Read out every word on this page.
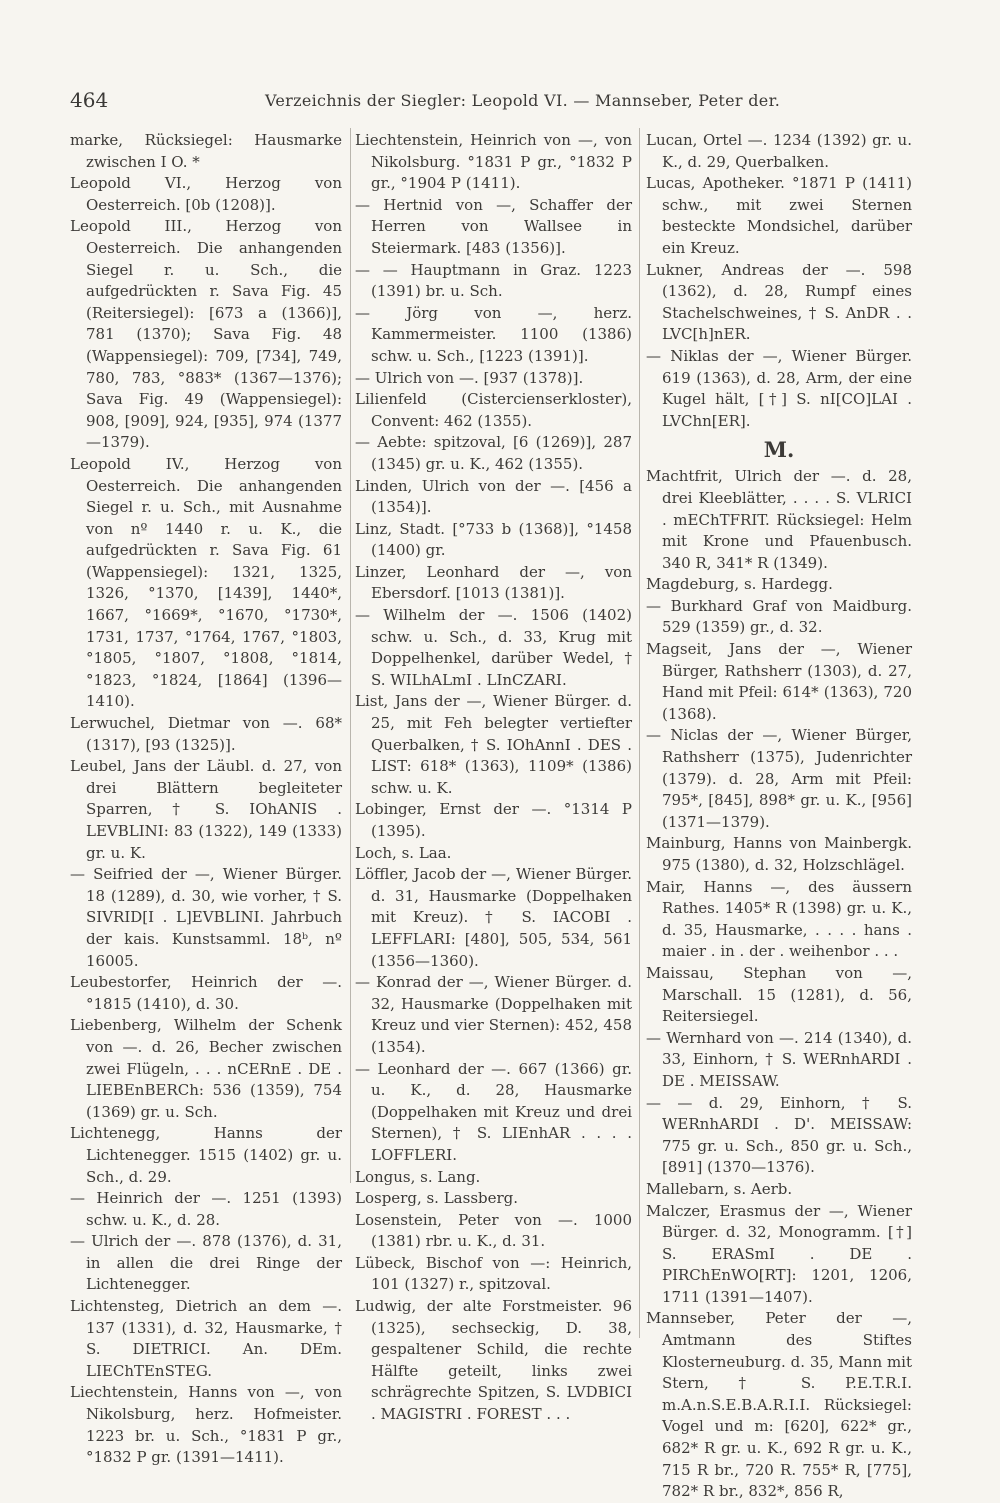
464	Verzeichnis der Siegler: Leopold VI. — Mannseber, Peter der.

marke, Rücksiegel: Hausmarke zwischen I O. *

Leopold VI., Herzog von Oesterreich. [0b (1208)].

Leopold III., Herzog von Oesterreich. Die anhangenden Siegel r. u. Sch., die aufgedrückten r. Sava Fig. 45 (Reitersiegel): [673 a (1366)], 781 (1370); Sava Fig. 48 (Wappensiegel): 709, [734], 749, 780, 783, °883* (1367—1376); Sava Fig. 49 (Wappensiegel): 908, [909], 924, [935], 974 (1377—1379).

Leopold IV., Herzog von Oesterreich. Die anhangenden Siegel r. u. Sch., mit Ausnahme von nº 1440 r. u. K., die aufgedrückten r. Sava Fig. 61 (Wappensiegel): 1321, 1325, 1326, °1370, [1439], 1440*, 1667, °1669*, °1670, °1730*, 1731, 1737, °1764, 1767, °1803, °1805, °1807, °1808, °1814, °1823, °1824, [1864] (1396—1410).

Lerwuchel, Dietmar von —. 68* (1317), [93 (1325)].

Leubel, Jans der Läubl. d. 27, von drei Blättern begleiteter Sparren, † S. IOhANIS . LEVBLINI: 83 (1322), 149 (1333) gr. u. K.

— Seifried der —, Wiener Bürger. 18 (1289), d. 30, wie vorher, † S. SIVRID[I . L]EVBLINI. Jahrbuch der kais. Kunstsamml. 18ᵇ, nº 16005.

Leubestorfer, Heinrich der —. °1815 (1410), d. 30.

Liebenberg, Wilhelm der Schenk von —. d. 26, Becher zwischen zwei Flügeln, . . . nCERnE . DE . LIEBEnBERCh: 536 (1359), 754 (1369) gr. u. Sch.

Lichtenegg, Hanns der Lichtenegger. 1515 (1402) gr. u. Sch., d. 29.

— Heinrich der —. 1251 (1393) schw. u. K., d. 28.

— Ulrich der —. 878 (1376), d. 31, in allen die drei Ringe der Lichtenegger.

Lichtensteg, Dietrich an dem —. 137 (1331), d. 32, Hausmarke, † S. DIETRICI. An. DEm. LIEChTEnSTEG.

Liechtenstein, Hanns von —, von Nikolsburg, herz. Hofmeister. 1223 br. u. Sch., °1831 P gr., °1832 P gr. (1391—1411).

Liechtenstein, Heinrich von —, von Nikolsburg. °1831 P gr., °1832 P gr., °1904 P (1411).

— Hertnid von —, Schaffer der Herren von Wallsee in Steiermark. [483 (1356)].

— — Hauptmann in Graz. 1223 (1391) br. u. Sch.

— Jörg von —, herz. Kammermeister. 1100 (1386) schw. u. Sch., [1223 (1391)].

— Ulrich von —. [937 (1378)].

Lilienfeld (Cistercienserkloster), Convent: 462 (1355).

— Aebte: spitzoval, [6 (1269)], 287 (1345) gr. u. K., 462 (1355).

Linden, Ulrich von der —. [456 a (1354)].

Linz, Stadt. [°733 b (1368)], °1458 (1400) gr.

Linzer, Leonhard der —, von Ebersdorf. [1013 (1381)].

— Wilhelm der —. 1506 (1402) schw. u. Sch., d. 33, Krug mit Doppelhenkel, darüber Wedel, † S. WILhALmI . LInCZARI.

List, Jans der —, Wiener Bürger. d. 25, mit Feh belegter vertiefter Querbalken, † S. IOhAnnI . DES . LIST: 618* (1363), 1109* (1386) schw. u. K.

Lobinger, Ernst der —. °1314 P (1395).

Loch, s. Laa.

Löffler, Jacob der —, Wiener Bürger. d. 31, Hausmarke (Doppelhaken mit Kreuz). † S. IACOBI . LEFFLARI: [480], 505, 534, 561 (1356—1360).

— Konrad der —, Wiener Bürger. d. 32, Hausmarke (Doppelhaken mit Kreuz und vier Sternen): 452, 458 (1354).

— Leonhard der —. 667 (1366) gr. u. K., d. 28, Hausmarke (Doppelhaken mit Kreuz und drei Sternen), † S. LIEnhAR . . . . LOFFLERI.

Longus, s. Lang.

Losperg, s. Lassberg.

Losenstein, Peter von —. 1000 (1381) rbr. u. K., d. 31.

Lübeck, Bischof von —: Heinrich, 101 (1327) r., spitzoval.

Ludwig, der alte Forstmeister. 96 (1325), sechseckig, D. 38, gespaltener Schild, die rechte Hälfte geteilt, links zwei schrägrechte Spitzen, S. LVDBICI . MAGISTRI . FOREST . . .

Lucan, Ortel —. 1234 (1392) gr. u. K., d. 29, Querbalken.

Lucas, Apotheker. °1871 P (1411) schw., mit zwei Sternen besteckte Mondsichel, darüber ein Kreuz.

Lukner, Andreas der —. 598 (1362), d. 28, Rumpf eines Stachelschweines, † S. AnDR . . LVC[h]nER.

— Niklas der —, Wiener Bürger. 619 (1363), d. 28, Arm, der eine Kugel hält, [†] S. nI[CO]LAI . LVChn[ER].

M.

Machtfrit, Ulrich der —. d. 28, drei Kleeblätter, . . . . S. VLRICI . mEChTFRIT. Rücksiegel: Helm mit Krone und Pfauenbusch. 340 R, 341* R (1349).

Magdeburg, s. Hardegg.

— Burkhard Graf von Maidburg. 529 (1359) gr., d. 32.

Magseit, Jans der —, Wiener Bürger, Rathsherr (1303), d. 27, Hand mit Pfeil: 614* (1363), 720 (1368).

— Niclas der —, Wiener Bürger, Rathsherr (1375), Judenrichter (1379). d. 28, Arm mit Pfeil: 795*, [845], 898* gr. u. K., [956] (1371—1379).

Mainburg, Hanns von Mainbergk. 975 (1380), d. 32, Holzschlägel.

Mair, Hanns —, des äussern Rathes. 1405* R (1398) gr. u. K., d. 35, Hausmarke, . . . . hans . maier . in . der . weihenbor . . .

Maissau, Stephan von —, Marschall. 15 (1281), d. 56, Reitersiegel.

— Wernhard von —. 214 (1340), d. 33, Einhorn, † S. WERnhARDI . DE . MEISSAW.

— — d. 29, Einhorn, † S. WERnhARDI . D'. MEISSAW: 775 gr. u. Sch., 850 gr. u. Sch., [891] (1370—1376).

Mallebarn, s. Aerb.

Malczer, Erasmus der —, Wiener Bürger. d. 32, Monogramm. [†] S. ERASmI . DE . PIRChEnWO[RT]: 1201, 1206, 1711 (1391—1407).

Mannseber, Peter der —, Amtmann des Stiftes Klosterneuburg. d. 35, Mann mit Stern, † S. P.E.T.R.I. m.A.n.S.E.B.A.R.I.I. Rücksiegel: Vogel und m: [620], 622* gr., 682* R gr. u. K., 692 R gr. u. K., 715 R br., 720 R. 755* R, [775], 782* R br., 832*, 856 R,
